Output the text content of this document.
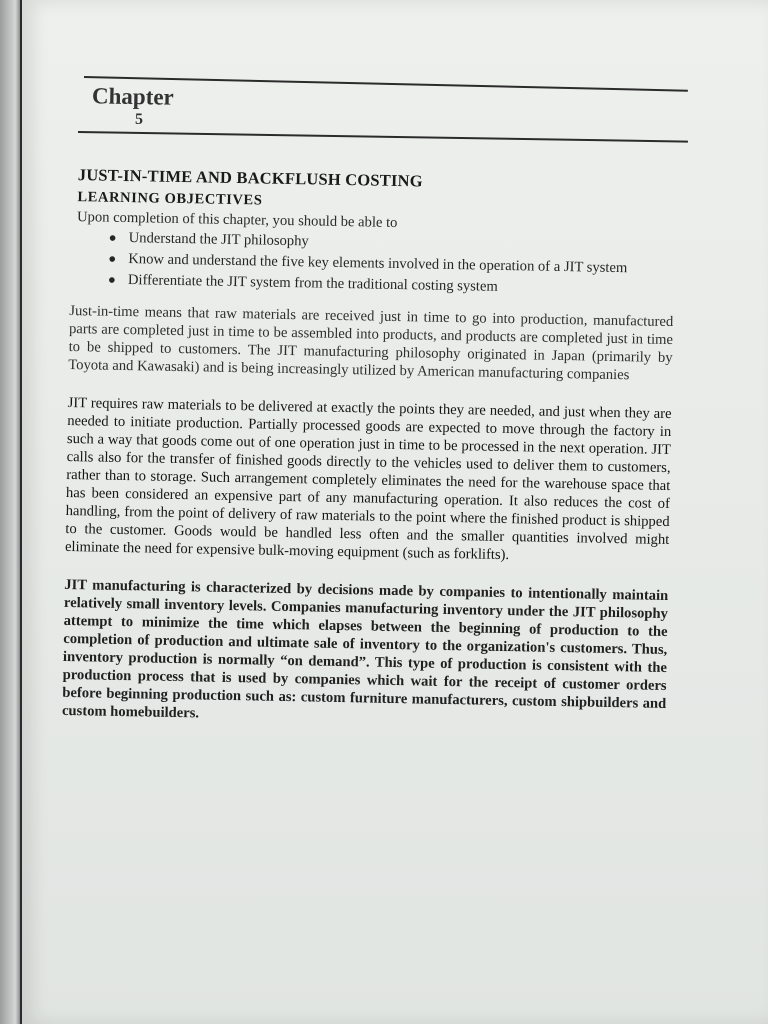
Chapter
5
JUST-IN-TIME AND BACKFLUSH COSTING
LEARNING OBJECTIVES
Upon completion of this chapter, you should be able to
● Understand the JIT philosophy
● Know and understand the five key elements involved in the operation of a JIT system
● Differentiate the JIT system from the traditional costing system

Just-in-time means that raw materials are received just in time to go into production, manufactured parts are completed just in time to be assembled into products, and products are completed just in time to be shipped to customers. The JIT manufacturing philosophy originated in Japan (primarily by Toyota and Kawasaki) and is being increasingly utilized by American manufacturing companies

JIT requires raw materials to be delivered at exactly the points they are needed, and just when they are needed to initiate production. Partially processed goods are expected to move through the factory in such a way that goods come out of one operation just in time to be processed in the next operation. JIT calls also for the transfer of finished goods directly to the vehicles used to deliver them to customers, rather than to storage. Such arrangement completely eliminates the need for the warehouse space that has been considered an expensive part of any manufacturing operation. It also reduces the cost of handling, from the point of delivery of raw materials to the point where the finished product is shipped to the customer. Goods would be handled less often and the smaller quantities involved might eliminate the need for expensive bulk-moving equipment (such as forklifts).

JIT manufacturing is characterized by decisions made by companies to intentionally maintain relatively small inventory levels. Companies manufacturing inventory under the JIT philosophy attempt to minimize the time which elapses between the beginning of production to the completion of production and ultimate sale of inventory to the organization's customers. Thus, inventory production is normally “on demand”. This type of production is consistent with the production process that is used by companies which wait for the receipt of customer orders before beginning production such as: custom furniture manufacturers, custom shipbuilders and custom homebuilders.
